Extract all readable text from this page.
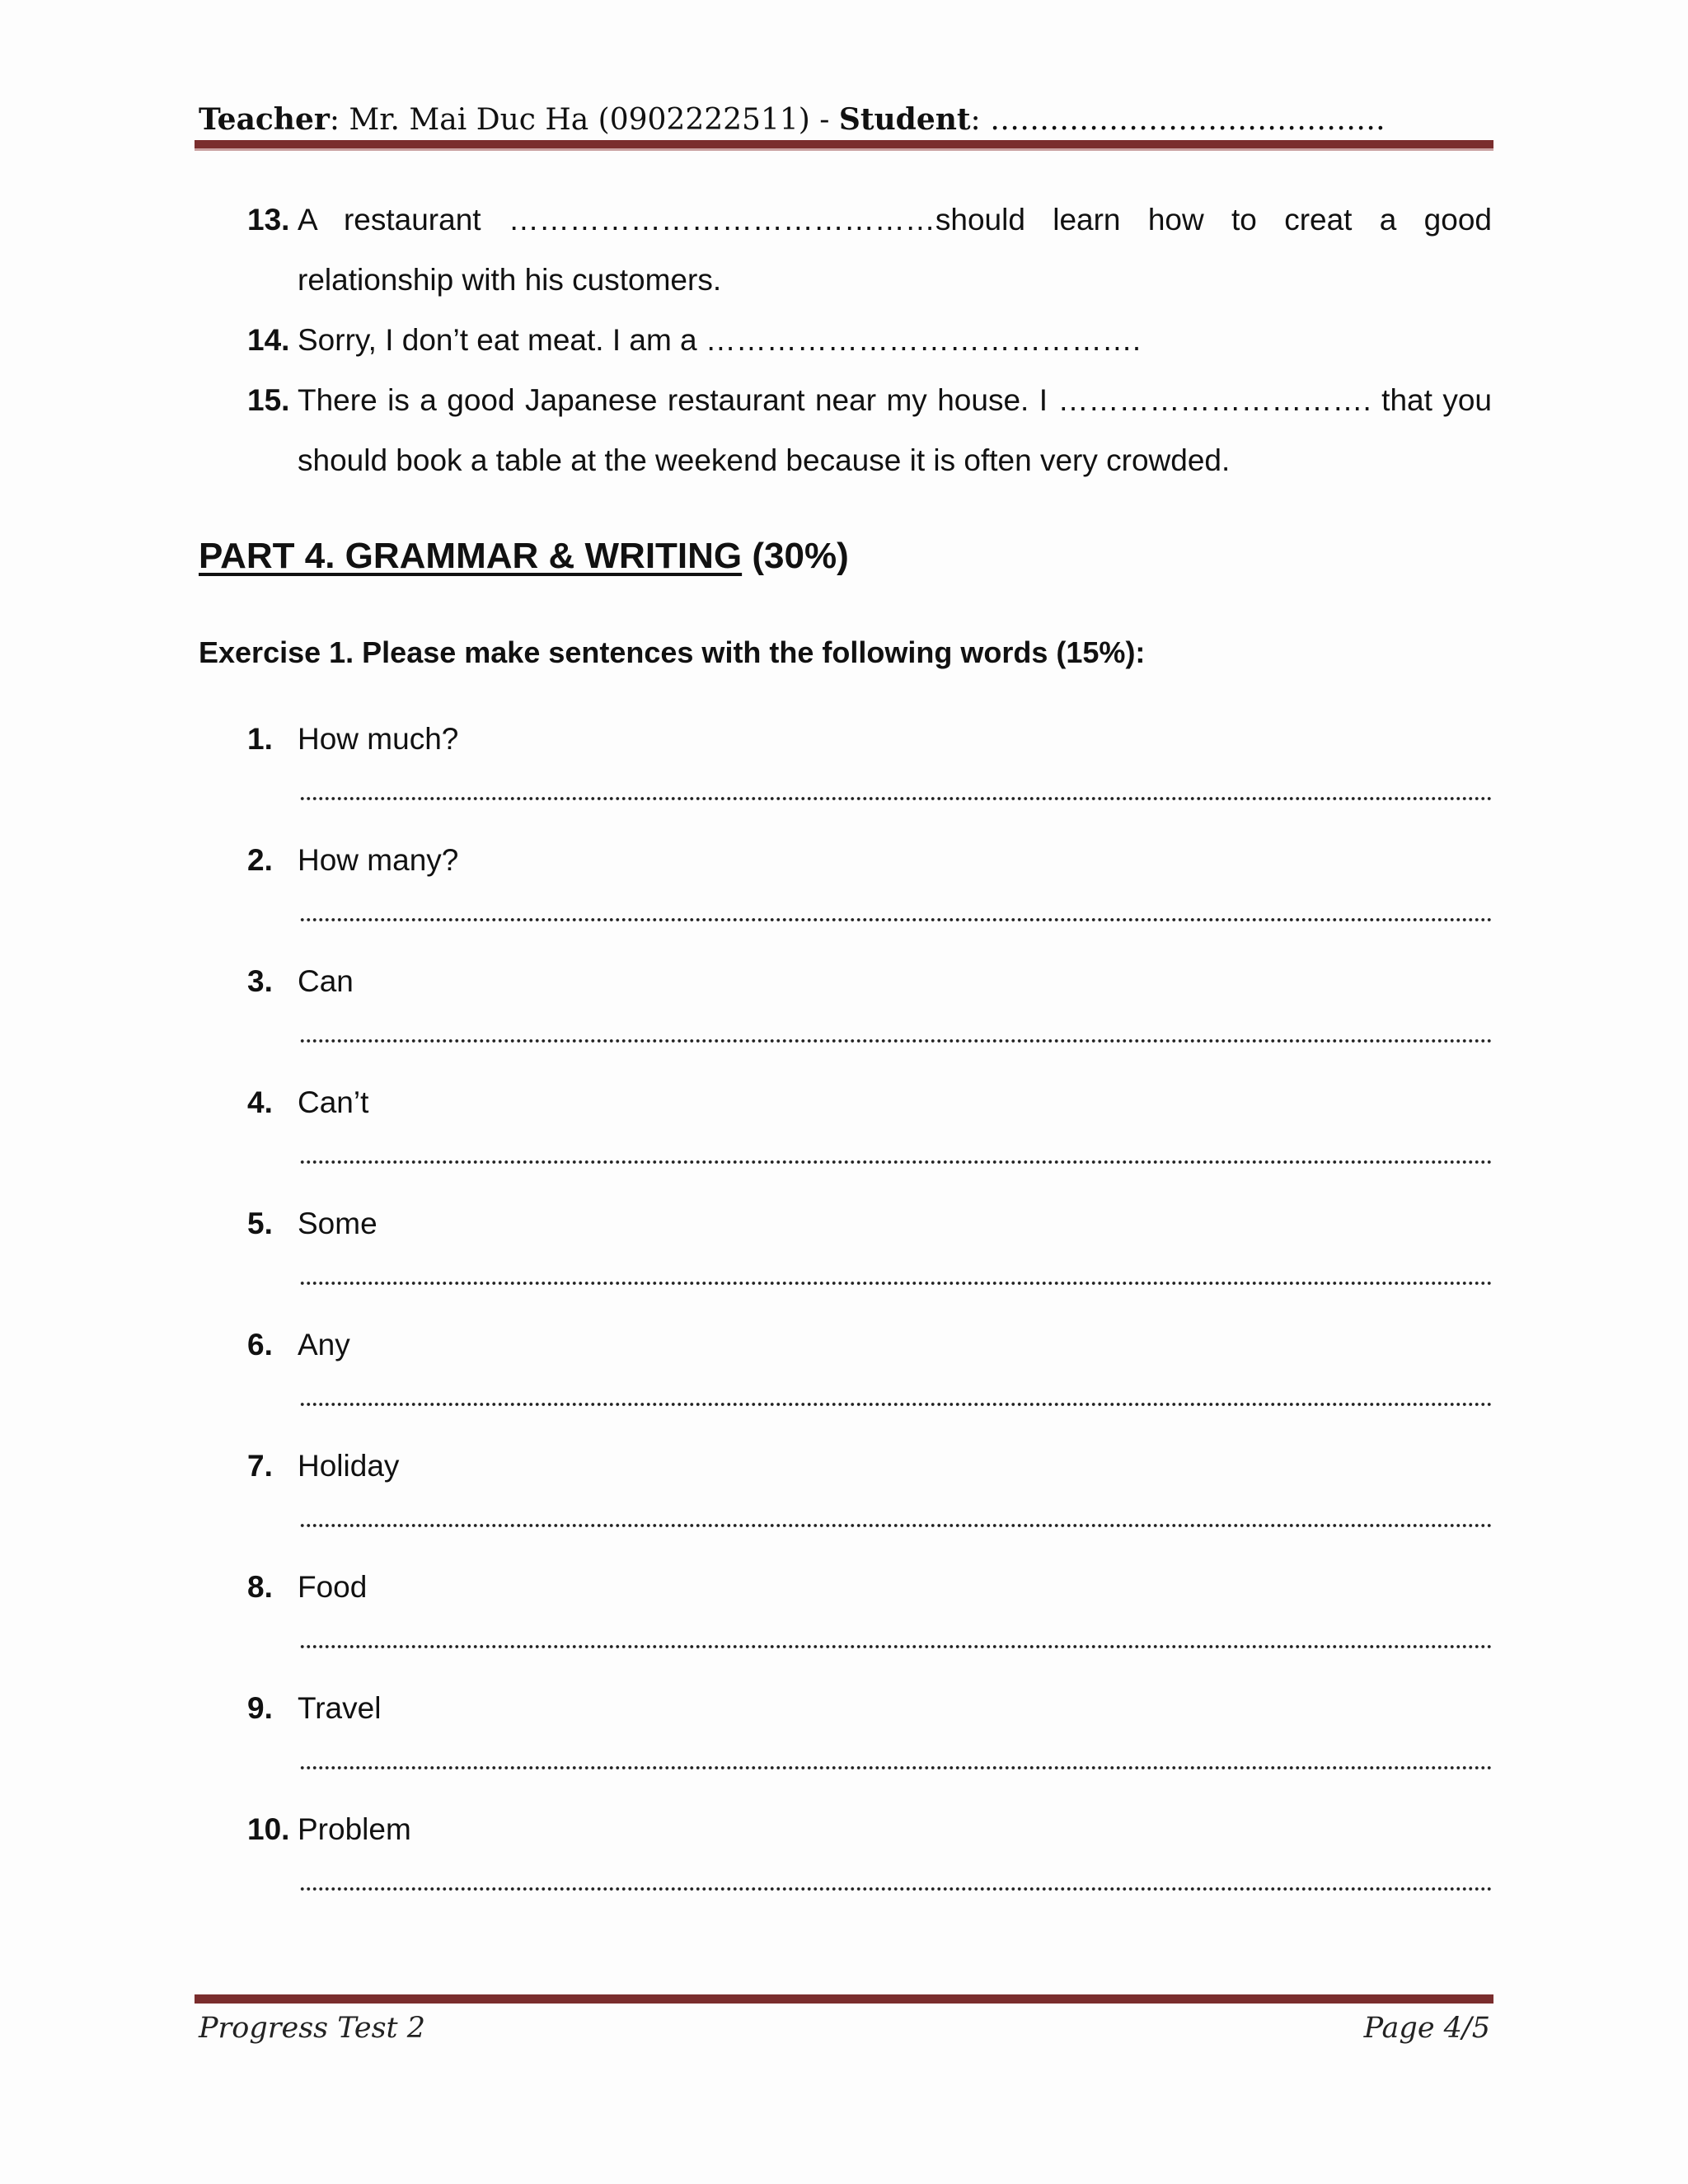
Teacher: Mr. Mai Duc Ha (0902222511) - Student: ………………………………….
13. A restaurant ……………………………………should learn how to creat a good relationship with his customers.
14. Sorry, I don’t eat meat. I am a …………………………………….
15. There is a good Japanese restaurant near my house. I …………………………. that you should book a table at the weekend because it is often very crowded.
PART 4. GRAMMAR & WRITING (30%)
Exercise 1. Please make sentences with the following words (15%):
1. How much?
2. How many?
3. Can
4. Can’t
5. Some
6. Any
7. Holiday
8. Food
9. Travel
10. Problem
Progress Test 2	Page 4/5
